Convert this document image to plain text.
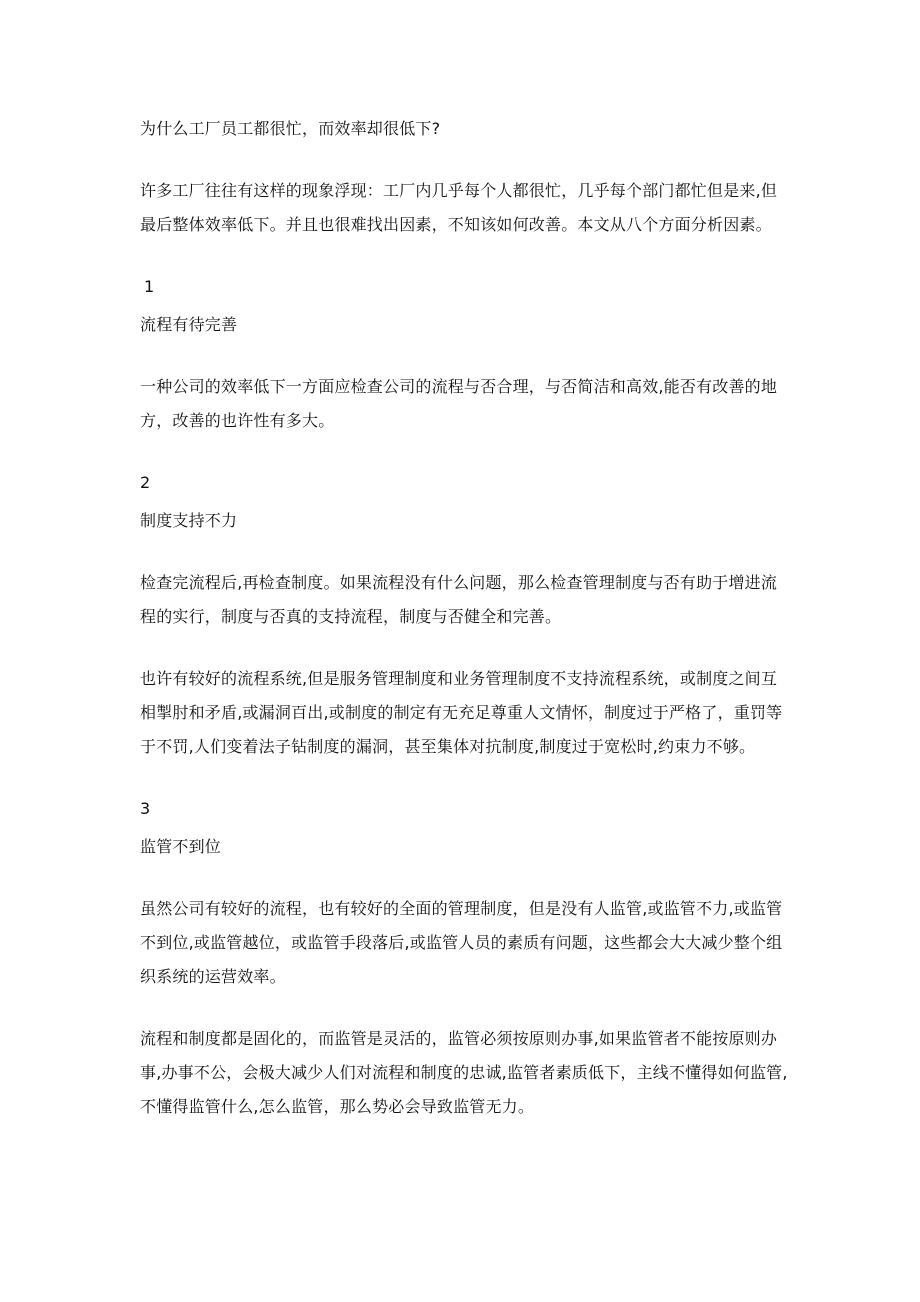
为什么工厂员工都很忙，而效率却很低下?

许多工厂往往有这样的现象浮现：工厂内几乎每个人都很忙，几乎每个部门都忙但是来,但最后整体效率低下。并且也很难找出因素，不知该如何改善。本文从八个方面分析因素。

1

流程有待完善

一种公司的效率低下一方面应检查公司的流程与否合理，与否简洁和高效,能否有改善的地方，改善的也许性有多大。

2

制度支持不力

检查完流程后,再检查制度。如果流程没有什么问题，那么检查管理制度与否有助于增进流程的实行，制度与否真的支持流程，制度与否健全和完善。

也许有较好的流程系统,但是服务管理制度和业务管理制度不支持流程系统，或制度之间互相掣肘和矛盾,或漏洞百出,或制度的制定有无充足尊重人文情怀，制度过于严格了，重罚等于不罚,人们变着法子钻制度的漏洞，甚至集体对抗制度,制度过于宽松时,约束力不够。

3

监管不到位

虽然公司有较好的流程，也有较好的全面的管理制度，但是没有人监管,或监管不力,或监管不到位,或监管越位，或监管手段落后,或监管人员的素质有问题，这些都会大大减少整个组织系统的运营效率。

流程和制度都是固化的，而监管是灵活的，监管必须按原则办事,如果监管者不能按原则办事,办事不公，会极大减少人们对流程和制度的忠诚,监管者素质低下，主线不懂得如何监管,不懂得监管什么,怎么监管，那么势必会导致监管无力。
